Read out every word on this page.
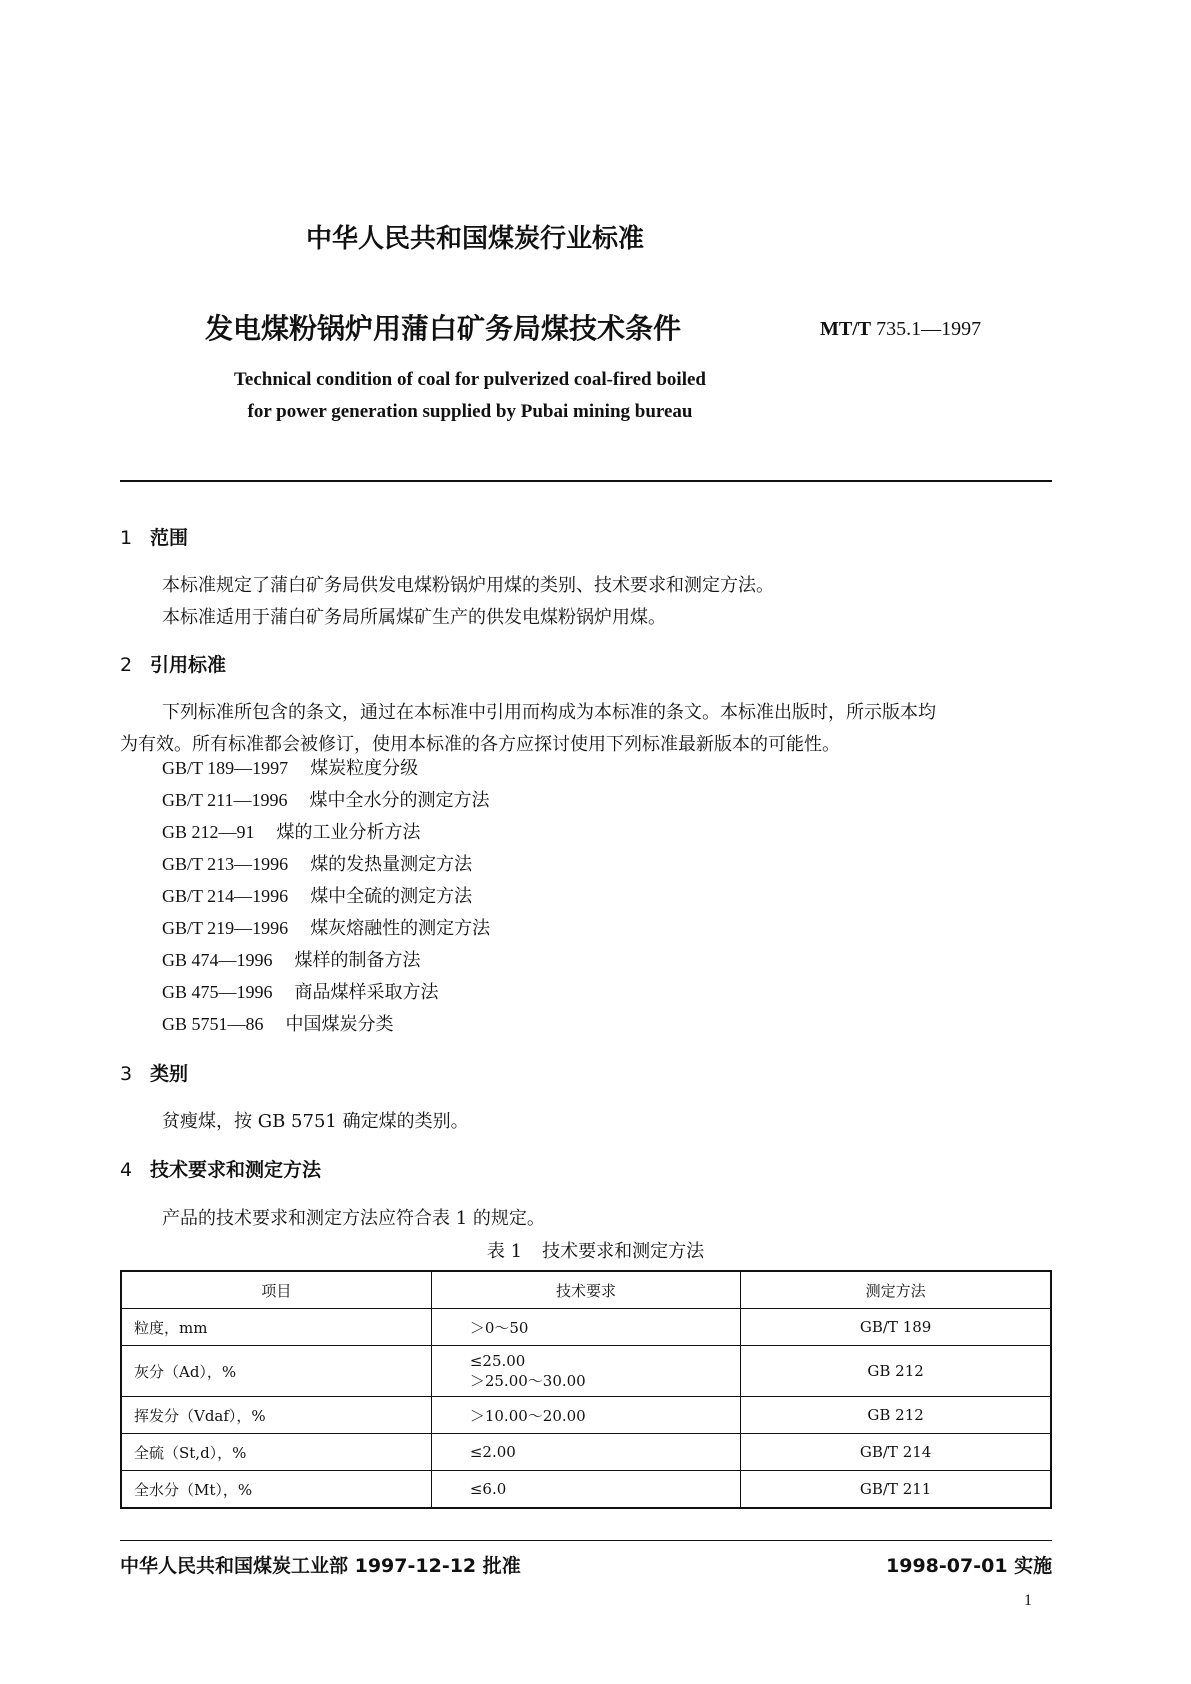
中华人民共和国煤炭行业标准
发电煤粉锅炉用蒲白矿务局煤技术条件	MT/T 735.1—1997
Technical condition of coal for pulverized coal-fired boiled
for power generation supplied by Pubai mining bureau
1 范围
本标准规定了蒲白矿务局供发电煤粉锅炉用煤的类别、技术要求和测定方法。
本标准适用于蒲白矿务局所属煤矿生产的供发电煤粉锅炉用煤。
2 引用标准
下列标准所包含的条文，通过在本标准中引用而构成为本标准的条文。本标准出版时，所示版本均
为有效。所有标准都会被修订，使用本标准的各方应探讨使用下列标准最新版本的可能性。
GB/T 189—1997 煤炭粒度分级
GB/T 211—1996 煤中全水分的测定方法
GB 212—91 煤的工业分析方法
GB/T 213—1996 煤的发热量测定方法
GB/T 214—1996 煤中全硫的测定方法
GB/T 219—1996 煤灰熔融性的测定方法
GB 474—1996 煤样的制备方法
GB 475—1996 商品煤样采取方法
GB 5751—86 中国煤炭分类
3 类别
贫瘦煤，按 GB 5751 确定煤的类别。
4 技术要求和测定方法
产品的技术要求和测定方法应符合表 1 的规定。
表 1 技术要求和测定方法
项目	技术要求	测定方法
粒度，mm	＞0～50	GB/T 189
灰分（Ad），%	≤25.00
＞25.00～30.00	GB 212
挥发分（Vdaf），%	＞10.00～20.00	GB 212
全硫（St,d），%	≤2.00	GB/T 214
全水分（Mt），%	≤6.0	GB/T 211
中华人民共和国煤炭工业部 1997-12-12 批准	1998-07-01 实施
1
